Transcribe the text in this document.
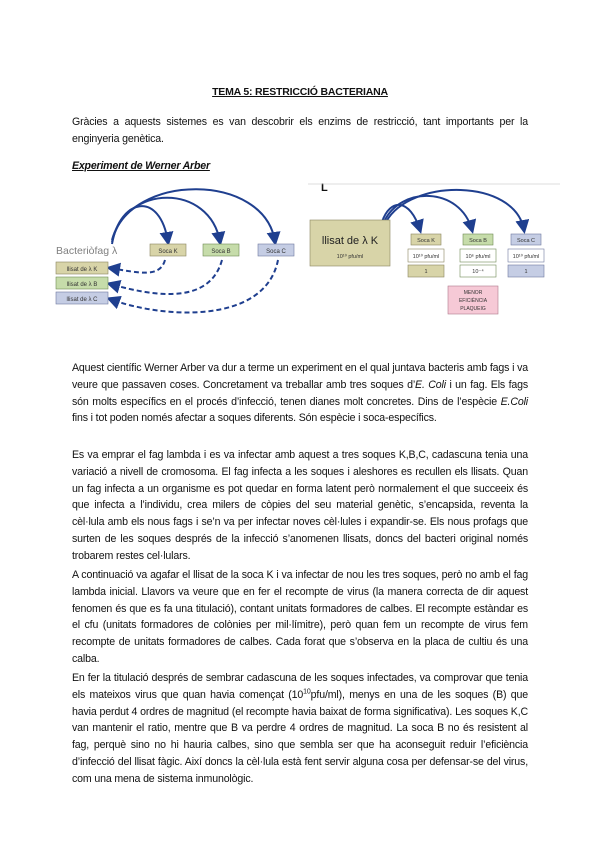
TEMA 5: RESTRICCIÓ BACTERIANA

Gràcies a aquests sistemes es van descobrir els enzims de restricció, tant importants per la enginyeria genètica.

Experiment de Werner Arber
Bacteriòfag λ	Soca K	Soca B	Soca C
llisat de λ K
llisat de λ B
llisat de λ C
L
llisat de λ K
10¹⁰ pfu/ml
Soca K	Soca B	Soca C
10¹⁰ pfu/ml	10⁶ pfu/ml	10¹⁰ pfu/ml
1	10⁻⁴	1
MENOR
EFICIÈNCIA
PLAQUEIG

Aquest científic Werner Arber va dur a terme un experiment en el qual juntava bacteris amb fags i va veure que passaven coses. Concretament va treballar amb tres soques d’E. Coli i un fag. Els fags són molts específics en el procés d’infecció, tenen dianes molt concretes. Dins de l’espècie E.Coli fins i tot poden només afectar a soques diferents. Són espècie i soca-específics.

Es va emprar el fag lambda i es va infectar amb aquest a tres soques K,B,C, cadascuna tenia una variació a nivell de cromosoma. El fag infecta a les soques i aleshores es recullen els llisats. Quan un fag infecta a un organisme es pot quedar en forma latent però normalement el que succeeix és que infecta a l’individu, crea milers de còpies del seu material genètic, s’encapsida, reventa la cèl·lula amb els nous fags i se’n va per infectar noves cèl·lules i expandir-se. Els nous profags que surten de les soques després de la infecció s’anomenen llisats, doncs del bacteri original només trobarem restes cel·lulars.

A continuació va agafar el llisat de la soca K i va infectar de nou les tres soques, però no amb el fag lambda inicial. Llavors va veure que en fer el recompte de virus (la manera correcta de dir aquest fenomen és que es fa una titulació), contant unitats formadores de calbes. El recompte estàndar es el cfu (unitats formadores de colònies per mil·límitre), però quan fem un recompte de virus fem recompte de unitats formadores de calbes. Cada forat que s’observa en la placa de cultiu és una calba.

En fer la titulació després de sembrar cadascuna de les soques infectades, va comprovar que tenia els mateixos virus que quan havia començat $(10^{10}pfu/ml)$, menys en una de les soques (B) que havia perdut 4 ordres de magnitud (el recompte havia baixat de forma significativa). Les soques K,C van mantenir el ratio, mentre que B va perdre 4 ordres de magnitud. La soca B no és resistent al fag, perquè sino no hi hauria calbes, sino que sembla ser que ha aconseguit reduir l’eficiència d’infecció del llisat fàgic. Així doncs la cèl·lula està fent servir alguna cosa per defensar-se del virus, com una mena de sistema inmunològic.
